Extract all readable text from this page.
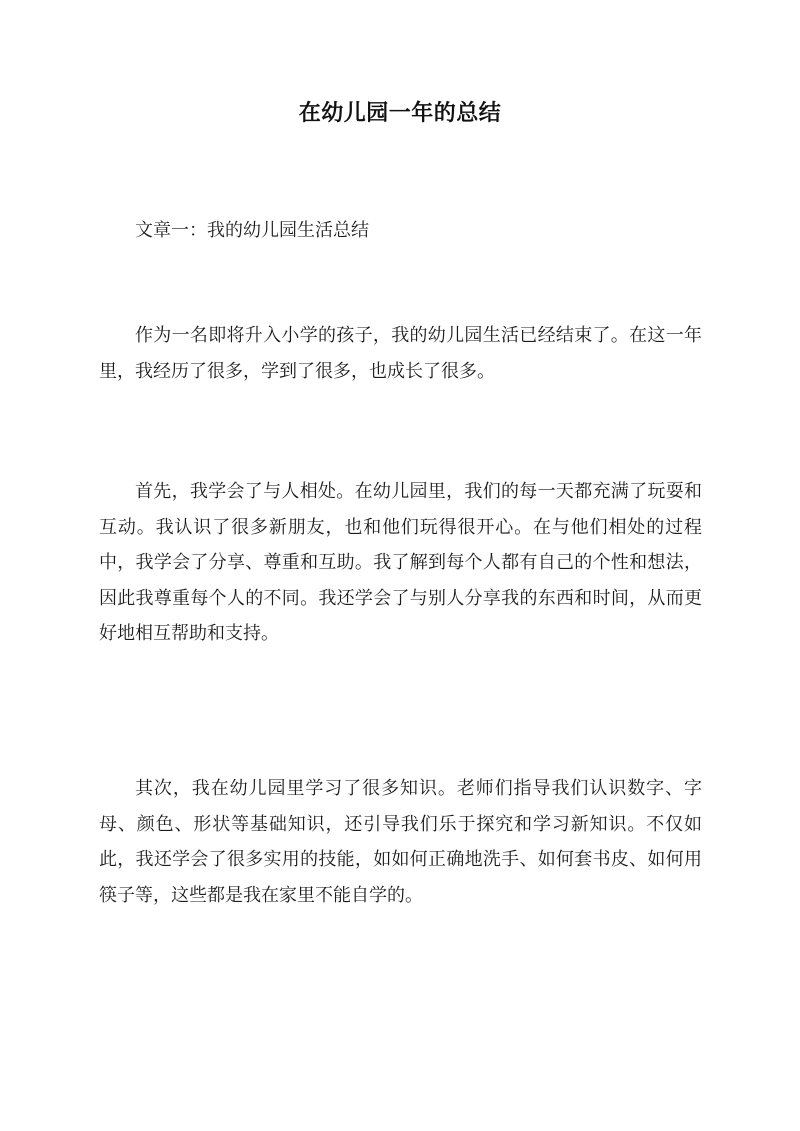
在幼儿园一年的总结
文章一：我的幼儿园生活总结

作为一名即将升入小学的孩子，我的幼儿园生活已经结束了。在这一年里，我经历了很多，学到了很多，也成长了很多。

首先，我学会了与人相处。在幼儿园里，我们的每一天都充满了玩耍和互动。我认识了很多新朋友，也和他们玩得很开心。在与他们相处的过程中，我学会了分享、尊重和互助。我了解到每个人都有自己的个性和想法，因此我尊重每个人的不同。我还学会了与别人分享我的东西和时间，从而更好地相互帮助和支持。

其次，我在幼儿园里学习了很多知识。老师们指导我们认识数字、字母、颜色、形状等基础知识，还引导我们乐于探究和学习新知识。不仅如此，我还学会了很多实用的技能，如如何正确地洗手、如何套书皮、如何用筷子等，这些都是我在家里不能自学的。
